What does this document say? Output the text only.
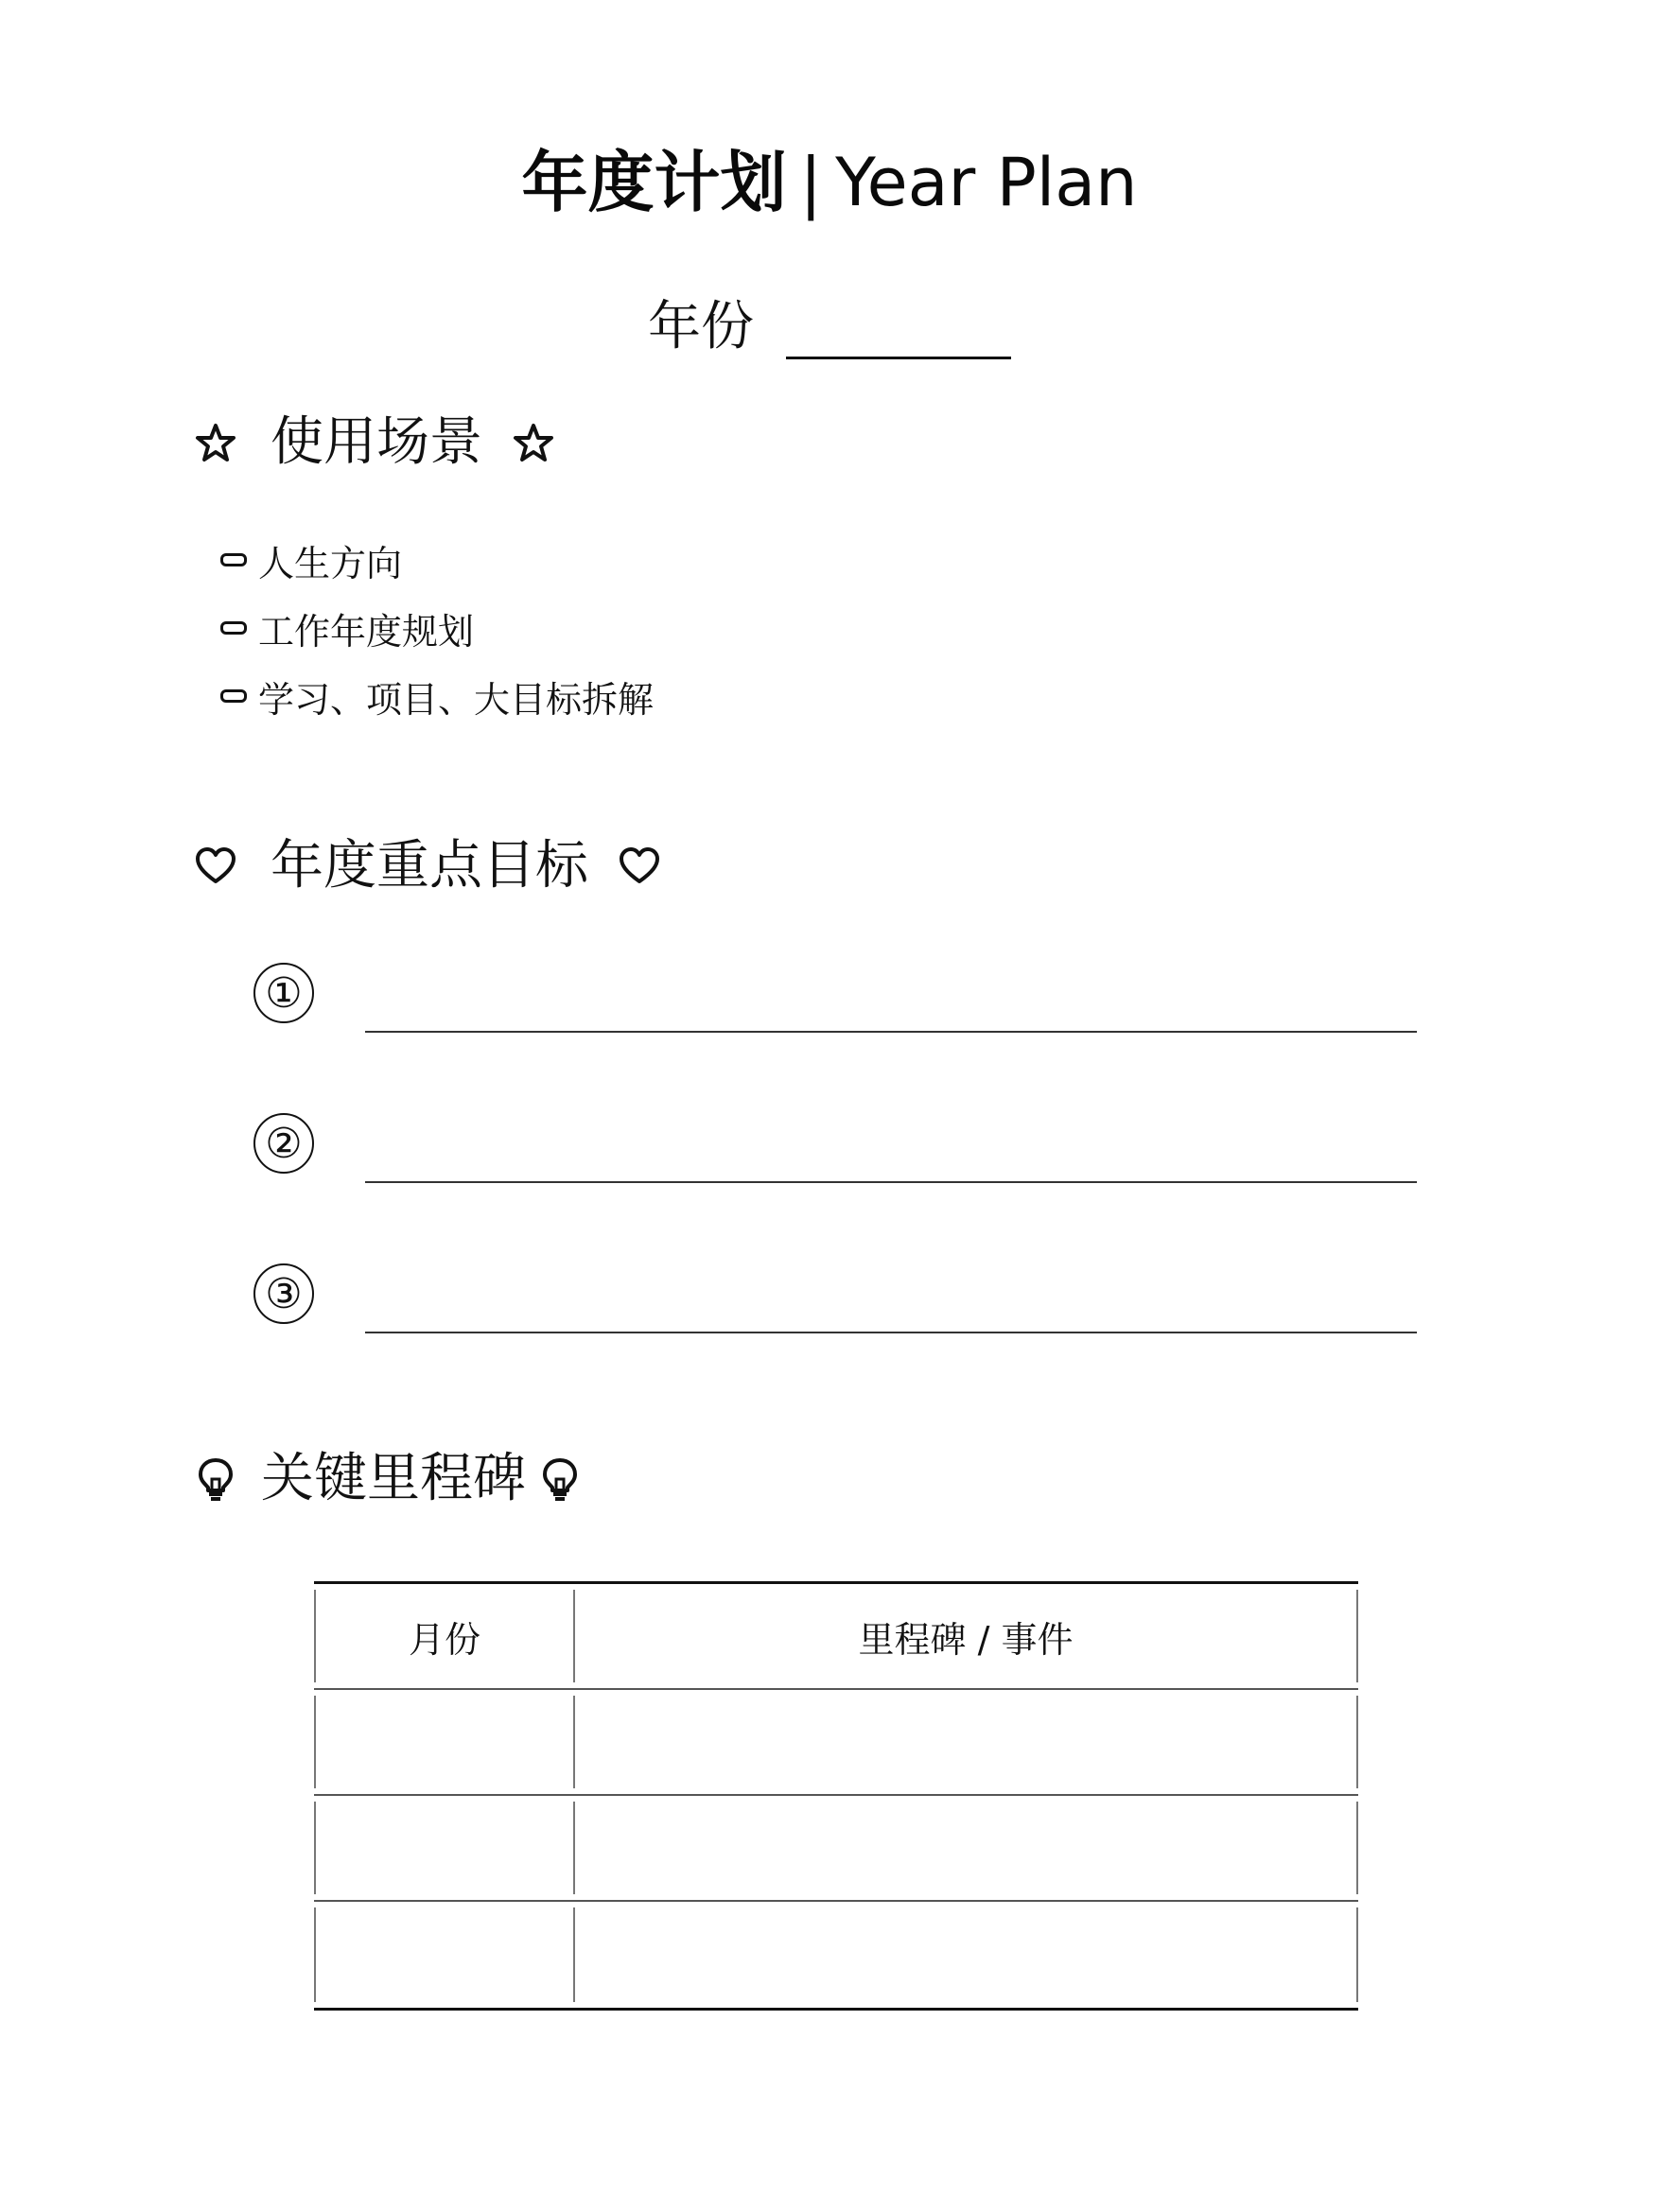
年度计划 | Year Plan
年份
使用场景
人生方向
工作年度规划
学习、项目、大目标拆解
年度重点目标
①
②
③
关键里程碑
月份	里程碑 / 事件
